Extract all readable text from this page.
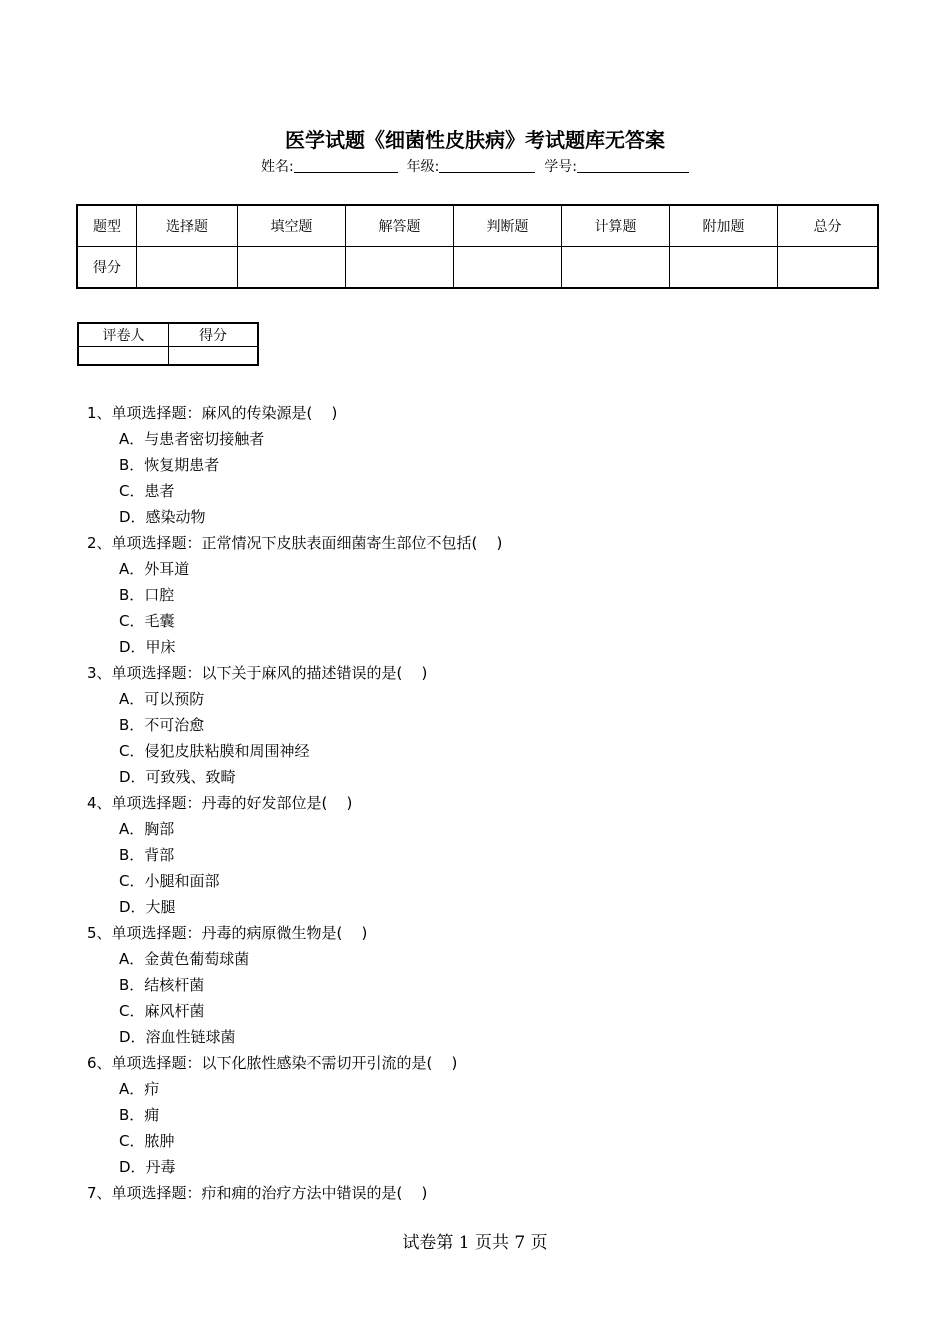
医学试题《细菌性皮肤病》考试题库无答案
姓名:	年级:	学号:
题型	选择题	填空题	解答题	判断题	计算题	附加题	总分
得分							
评卷人	得分

1、单项选择题：麻风的传染源是(    )
A．与患者密切接触者
B．恢复期患者
C．患者
D．感染动物
2、单项选择题：正常情况下皮肤表面细菌寄生部位不包括(    )
A．外耳道
B．口腔
C．毛囊
D．甲床
3、单项选择题：以下关于麻风的描述错误的是(    )
A．可以预防
B．不可治愈
C．侵犯皮肤粘膜和周围神经
D．可致残、致畸
4、单项选择题：丹毒的好发部位是(    )
A．胸部
B．背部
C．小腿和面部
D．大腿
5、单项选择题：丹毒的病原微生物是(    )
A．金黄色葡萄球菌
B．结核杆菌
C．麻风杆菌
D．溶血性链球菌
6、单项选择题：以下化脓性感染不需切开引流的是(    )
A．疖
B．痈
C．脓肿
D．丹毒
7、单项选择题：疖和痈的治疗方法中错误的是(    )
试卷第 1 页共 7 页
